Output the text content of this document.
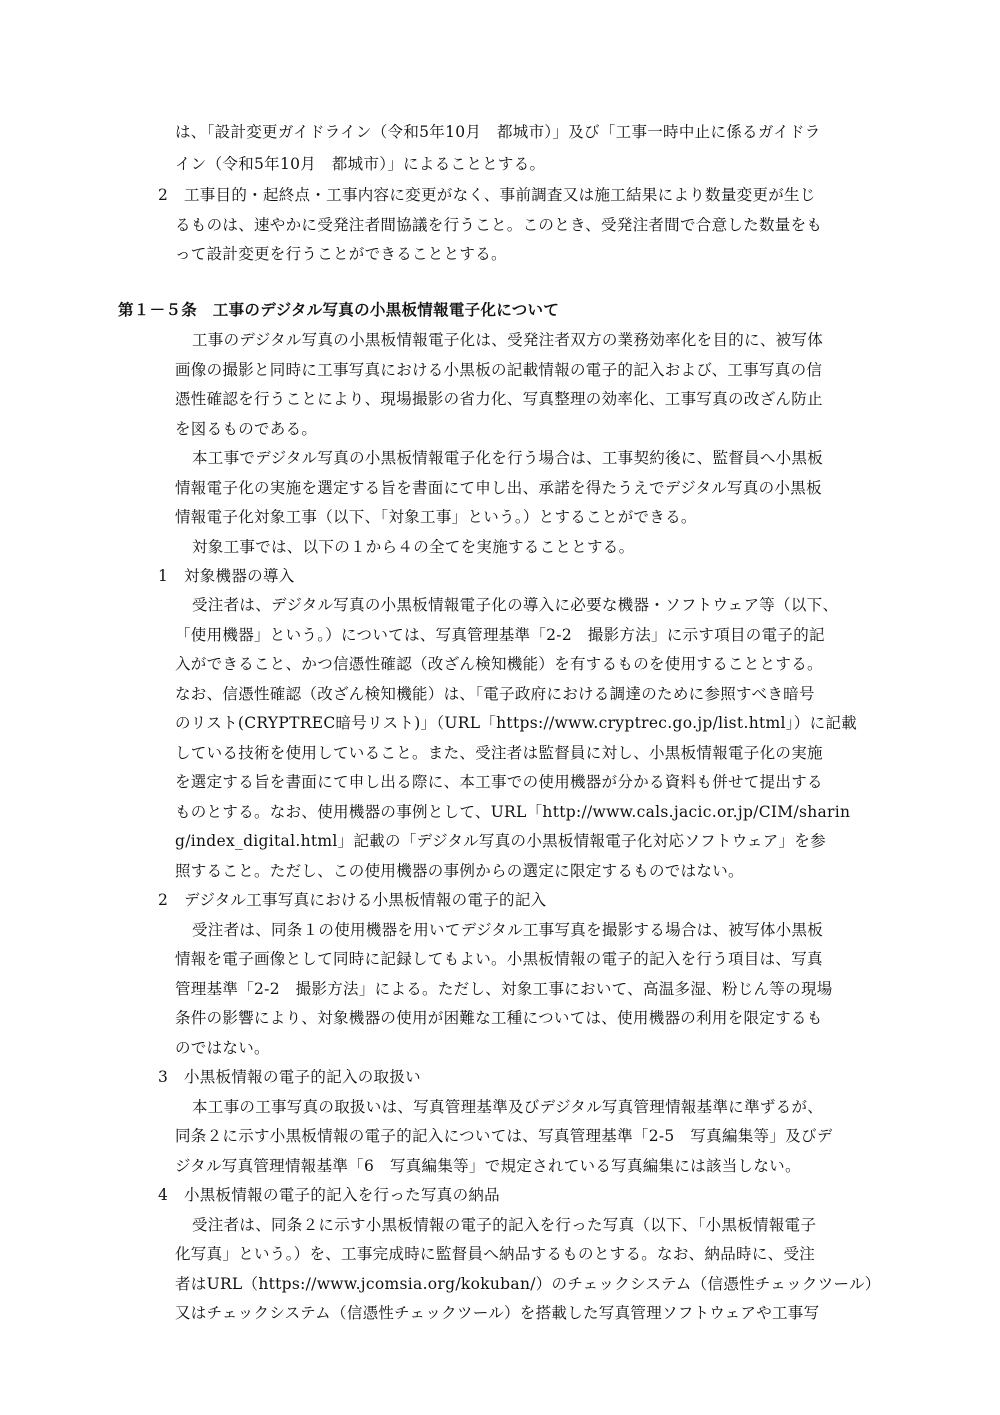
は、「設計変更ガイドライン（令和5年10月　都城市）」及び「工事一時中止に係るガイドラ
イン（令和5年10月　都城市）」によることとする。
2　工事目的・起終点・工事内容に変更がなく、事前調査又は施工結果により数量変更が生じ
るものは、速やかに受発注者間協議を行うこと。このとき、受発注者間で合意した数量をも
って設計変更を行うことができることとする。
第１－５条　工事のデジタル写真の小黒板情報電子化について
工事のデジタル写真の小黒板情報電子化は、受発注者双方の業務効率化を目的に、被写体
画像の撮影と同時に工事写真における小黒板の記載情報の電子的記入および、工事写真の信
憑性確認を行うことにより、現場撮影の省力化、写真整理の効率化、工事写真の改ざん防止
を図るものである。
本工事でデジタル写真の小黒板情報電子化を行う場合は、工事契約後に、監督員へ小黒板
情報電子化の実施を選定する旨を書面にて申し出、承諾を得たうえでデジタル写真の小黒板
情報電子化対象工事（以下、「対象工事」という。）とすることができる。
対象工事では、以下の１から４の全てを実施することとする。
1　対象機器の導入
受注者は、デジタル写真の小黒板情報電子化の導入に必要な機器・ソフトウェア等（以下、
「使用機器」という。）については、写真管理基準「2-2　撮影方法」に示す項目の電子的記
入ができること、かつ信憑性確認（改ざん検知機能）を有するものを使用することとする。
なお、信憑性確認（改ざん検知機能）は、「電子政府における調達のために参照すべき暗号
のリスト(CRYPTREC暗号リスト)」（URL「https://www.cryptrec.go.jp/list.html」）に記載
している技術を使用していること。また、受注者は監督員に対し、小黒板情報電子化の実施
を選定する旨を書面にて申し出る際に、本工事での使用機器が分かる資料も併せて提出する
ものとする。なお、使用機器の事例として、URL「http://www.cals.jacic.or.jp/CIM/sharin
g/index_digital.html」記載の「デジタル写真の小黒板情報電子化対応ソフトウェア」を参
照すること。ただし、この使用機器の事例からの選定に限定するものではない。
2　デジタル工事写真における小黒板情報の電子的記入
受注者は、同条１の使用機器を用いてデジタル工事写真を撮影する場合は、被写体小黒板
情報を電子画像として同時に記録してもよい。小黒板情報の電子的記入を行う項目は、写真
管理基準「2-2　撮影方法」による。ただし、対象工事において、高温多湿、粉じん等の現場
条件の影響により、対象機器の使用が困難な工種については、使用機器の利用を限定するも
のではない。
3　小黒板情報の電子的記入の取扱い
本工事の工事写真の取扱いは、写真管理基準及びデジタル写真管理情報基準に準ずるが、
同条２に示す小黒板情報の電子的記入については、写真管理基準「2-5　写真編集等」及びデ
ジタル写真管理情報基準「6　写真編集等」で規定されている写真編集には該当しない。
4　小黒板情報の電子的記入を行った写真の納品
受注者は、同条２に示す小黒板情報の電子的記入を行った写真（以下、「小黒板情報電子
化写真」という。）を、工事完成時に監督員へ納品するものとする。なお、納品時に、受注
者はURL（https://www.jcomsia.org/kokuban/）のチェックシステム（信憑性チェックツール）
又はチェックシステム（信憑性チェックツール）を搭載した写真管理ソフトウェアや工事写
